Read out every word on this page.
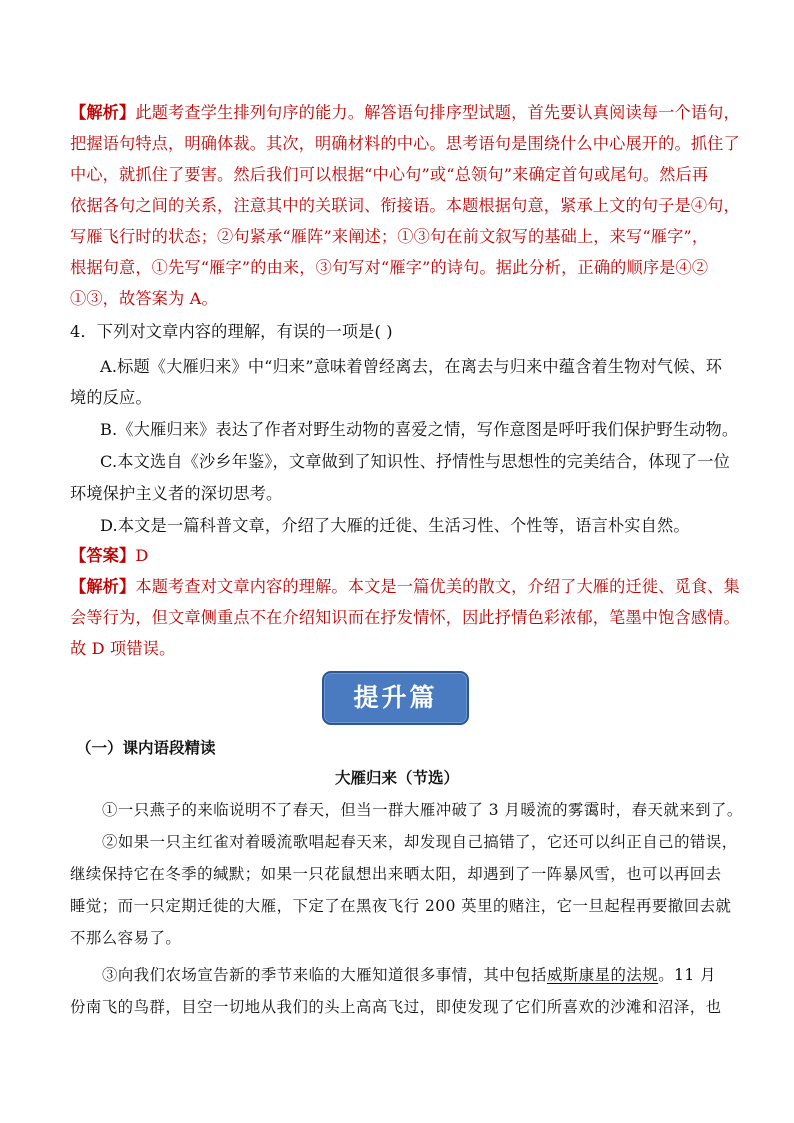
【解析】此题考查学生排列句序的能力。解答语句排序型试题，首先要认真阅读每一个语句，
把握语句特点，明确体裁。其次，明确材料的中心。思考语句是围绕什么中心展开的。抓住了
中心，就抓住了要害。然后我们可以根据“中心句”或“总领句”来确定首句或尾句。然后再
依据各句之间的关系，注意其中的关联词、衔接语。本题根据句意，紧承上文的句子是④句，
写雁飞行时的状态；②句紧承“雁阵”来阐述；①③句在前文叙写的基础上，来写“雁字”，
根据句意，①先写“雁字”的由来，③句写对“雁字”的诗句。据此分析，正确的顺序是④②
①③，故答案为 A。
4．下列对文章内容的理解，有误的一项是( )
A.标题《大雁归来》中“归来”意味着曾经离去，在离去与归来中蕴含着生物对气候、环
境的反应。
B.《大雁归来》表达了作者对野生动物的喜爱之情，写作意图是呼吁我们保护野生动物。
C.本文选自《沙乡年鉴》，文章做到了知识性、抒情性与思想性的完美结合，体现了一位
环境保护主义者的深切思考。
D.本文是一篇科普文章，介绍了大雁的迁徙、生活习性、个性等，语言朴实自然。
【答案】D
【解析】本题考查对文章内容的理解。本文是一篇优美的散文，介绍了大雁的迁徙、觅食、集
会等行为，但文章侧重点不在介绍知识而在抒发情怀，因此抒情色彩浓郁，笔墨中饱含感情。
故 D 项错误。
提升篇
（一）课内语段精读
大雁归来（节选）
①一只燕子的来临说明不了春天，但当一群大雁冲破了 3 月暖流的雾霭时，春天就来到了。
②如果一只主红雀对着暖流歌唱起春天来，却发现自己搞错了，它还可以纠正自己的错误，
继续保持它在冬季的缄默；如果一只花鼠想出来晒太阳，却遇到了一阵暴风雪，也可以再回去
睡觉；而一只定期迁徙的大雁，下定了在黑夜飞行 200 英里的赌注，它一旦起程再要撤回去就
不那么容易了。
③向我们农场宣告新的季节来临的大雁知道很多事情，其中包括威斯康星的法规。11 月
份南飞的鸟群，目空一切地从我们的头上高高飞过，即使发现了它们所喜欢的沙滩和沼泽，也
